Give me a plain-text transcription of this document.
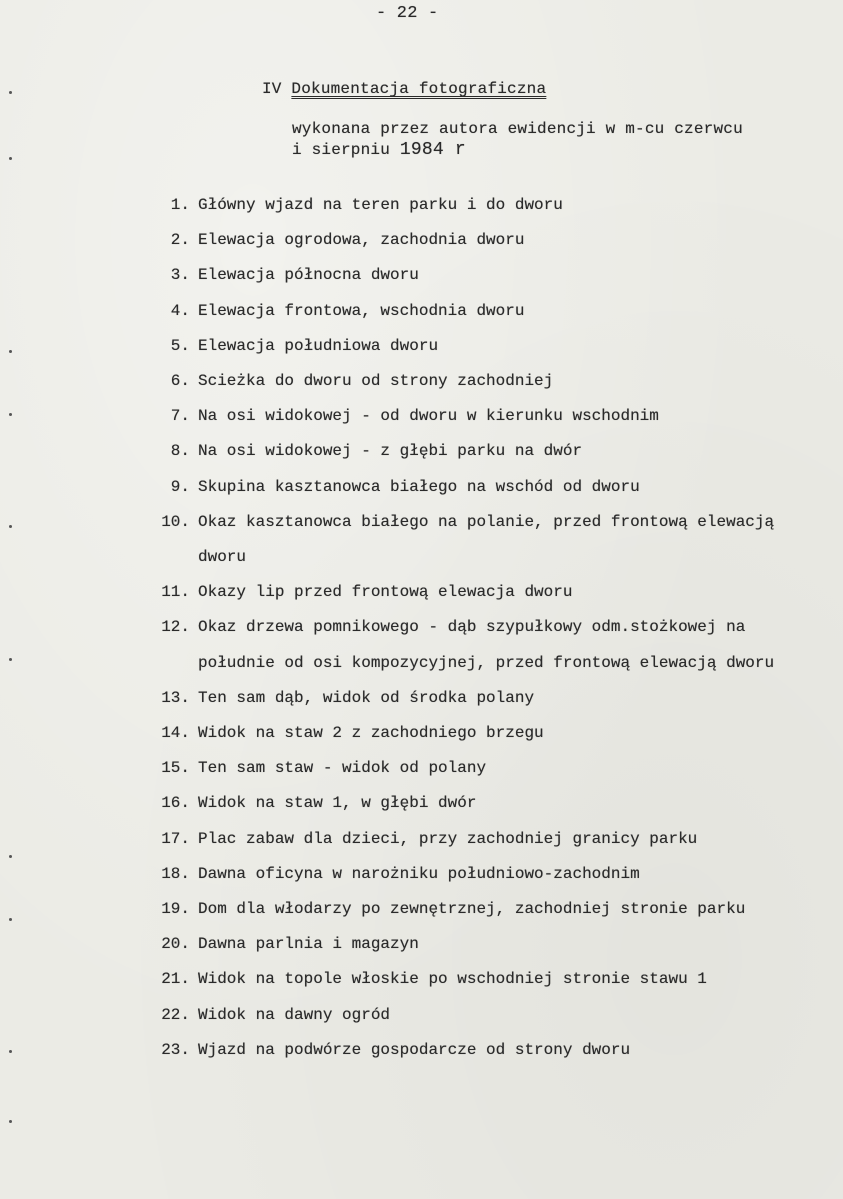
- 22 -
IV Dokumentacja fotograficzna
wykonana przez autora ewidencji w m-cu czerwcu
i sierpniu 1984 r
1. Główny wjazd na teren parku i do dworu
2. Elewacja ogrodowa, zachodnia dworu
3. Elewacja północna dworu
4. Elewacja frontowa, wschodnia dworu
5. Elewacja południowa dworu
6. Scieżka do dworu od strony zachodniej
7. Na osi widokowej - od dworu w kierunku wschodnim
8. Na osi widokowej - z głębi parku na dwór
9. Skupina kasztanowca białego na wschód od dworu
10. Okaz kasztanowca białego na polanie, przed frontową elewacją
dworu
11. Okazy lip przed frontową elewacja dworu
12. Okaz drzewa pomnikowego - dąb szypułkowy odm.stożkowej na
południe od osi kompozycyjnej, przed frontową elewacją dworu
13. Ten sam dąb, widok od środka polany
14. Widok na staw 2 z zachodniego brzegu
15. Ten sam staw - widok od polany
16. Widok na staw 1, w głębi dwór
17. Plac zabaw dla dzieci, przy zachodniej granicy parku
18. Dawna oficyna w narożniku południowo-zachodnim
19. Dom dla włodarzy po zewnętrznej, zachodniej stronie parku
20. Dawna parlnia i magazyn
21. Widok na topole włoskie po wschodniej stronie stawu 1
22. Widok na dawny ogród
23. Wjazd na podwórze gospodarcze od strony dworu
